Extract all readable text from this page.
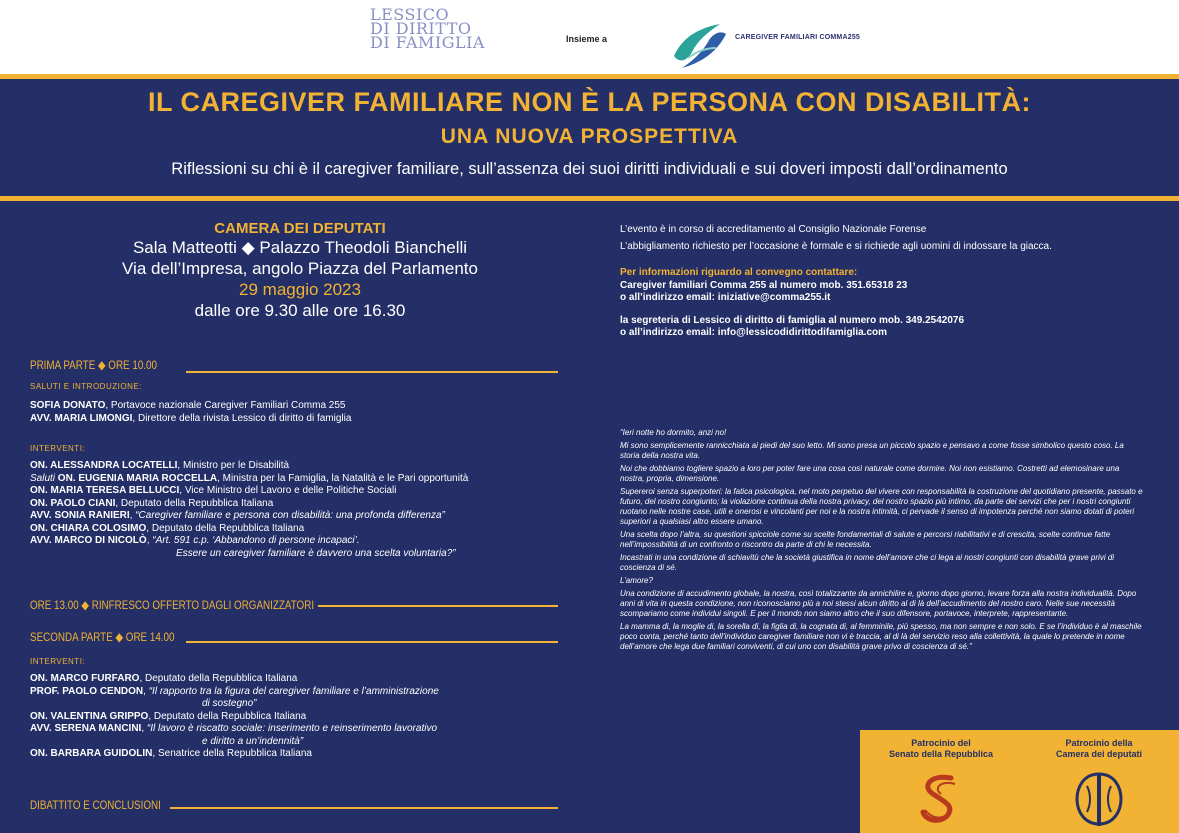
LESSICO
DI DIRITTO
DI FAMIGLIA	Insieme a	CAREGIVER FAMILIARI COMMA255
IL CAREGIVER FAMILIARE NON È LA PERSONA CON DISABILITÀ:
UNA NUOVA PROSPETTIVA
Riflessioni su chi è il caregiver familiare, sull’assenza dei suoi diritti individuali e sui doveri imposti dall’ordinamento
CAMERA DEI DEPUTATI
Sala Matteotti ◆ Palazzo Theodoli Bianchelli
Via dell’Impresa, angolo Piazza del Parlamento
29 maggio 2023
dalle ore 9.30 alle ore 16.30
PRIMA PARTE ◆ ORE 10.00
SALUTI E INTRODUZIONE:
SOFIA DONATO, Portavoce nazionale Caregiver Familiari Comma 255
AVV. MARIA LIMONGI, Direttore della rivista Lessico di diritto di famiglia
INTERVENTI:
ON. ALESSANDRA LOCATELLI, Ministro per le Disabilità
Saluti ON. EUGENIA MARIA ROCCELLA, Ministra per la Famiglia, la Natalità e le Pari opportunità
ON. MARIA TERESA BELLUCCI, Vice Ministro del Lavoro e delle Politiche Sociali
ON. PAOLO CIANI, Deputato della Repubblica Italiana
AVV. SONIA RANIERI, “Caregiver familiare e persona con disabilità: una profonda differenza”
ON. CHIARA COLOSIMO, Deputato della Repubblica Italiana
AVV. MARCO DI NICOLÒ, “Art. 591 c.p. ‘Abbandono di persone incapaci’.
Essere un caregiver familiare è davvero una scelta voluntaria?”
ORE 13.00 ◆ RINFRESCO OFFERTO DAGLI ORGANIZZATORI
SECONDA PARTE ◆ ORE 14.00
INTERVENTI:
ON. MARCO FURFARO, Deputato della Repubblica Italiana
PROF. PAOLO CENDON, “Il rapporto tra la figura del caregiver familiare e l’amministrazione
di sostegno”
ON. VALENTINA GRIPPO, Deputato della Repubblica Italiana
AVV. SERENA MANCINI, “Il lavoro è riscatto sociale: inserimento e reinserimento lavorativo
e diritto a un’indennità”
ON. BARBARA GUIDOLIN, Senatrice della Repubblica Italiana
DIBATTITO E CONCLUSIONI

L’evento è in corso di accreditamento al Consiglio Nazionale Forense

L’abbigliamento richiesto per l’occasione è formale e si richiede agli uomini di indossare la giacca.

Per informazioni riguardo al convegno contattare:

Caregiver familiari Comma 255 al numero mob. 351.65318 23
o all’indirizzo email: iniziative@comma255.it
la segreteria di Lessico di diritto di famiglia al numero mob. 349.2542076
o all’indirizzo email: info@lessicodidirittodifamiglia.com

“Ieri notte ho dormito, anzi no!

Mi sono semplicemente rannicchiata ai piedi del suo letto. Mi sono presa un piccolo spazio e pensavo a come fosse simbolico questo coso. La storia della nostra vita.

Noi che dobbiamo togliere spazio a loro per poter fare una cosa così naturale come dormire. Noi non esistiamo. Costretti ad elemosinare una nostra, propria, dimensione.

Supereroi senza superpoteri: la fatica psicologica, nel moto perpetuo del vivere con responsabilità la costruzione del quotidiano presente, passato e futuro, del nostro congiunto; la violazione continua della nostra privacy, del nostro spazio più intimo, da parte dei servizi che per i nostri congiunti ruotano nelle nostre case, utili e onerosi e vincolanti per noi e la nostra intimità, ci pervade il senso di impotenza perché non siamo dotati di poteri superiori a qualsiasi altro essere umano.

Una scelta dopo l’altra, su questioni spicciole come su scelte fondamentali di salute e percorsi riabilitativi e di crescita, scelte continue fatte nell’impossibilità di un confronto o riscontro da parte di chi le necessita.

Incastrati in una condizione di schiavitù che la società giustifica in nome dell’amore che ci lega ai nostri congiunti con disabilità grave privi di coscienza di sé.

L’amore?

Una condizione di accudimento globale, la nostra, così totalizzante da annichilire e, giorno dopo giorno, levare forza alla nostra individualità. Dopo anni di vita in questa condizione, non riconosciamo più a noi stessi alcun diritto al di là dell’accudimento del nostro caro. Nelle sue necessità scompariamo come individui singoli. E per il mondo non siamo altro che il suo difensore, portavoce, interprete, rappresentante.

La mamma di, la moglie di, la sorella di, la figlia di, la cognata di, al femminile, più spesso, ma non sempre e non solo. E se l’individuo è al maschile poco conta, perché tanto dell’individuo caregiver familiare non vi è traccia, al di là del servizio reso alla collettività, la quale lo pretende in nome dell’amore che lega due familiari conviventi, di cui uno con disabilità grave privo di coscienza di sé.”

Patrocinio del
Senato della Repubblica
Patrocinio della
Camera dei deputati
